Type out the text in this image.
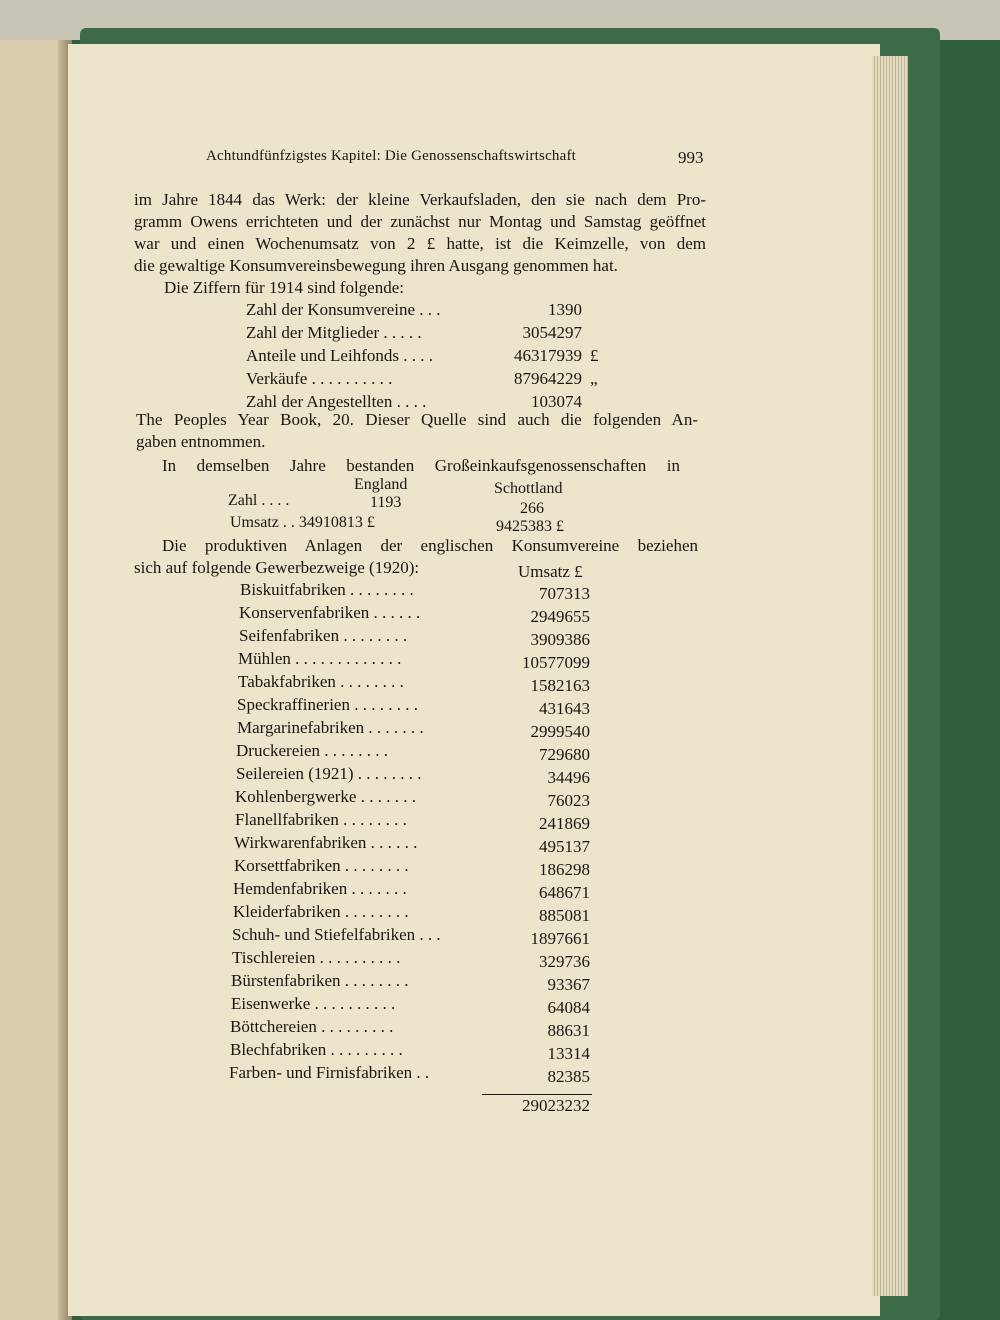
Achtundfünfzigstes Kapitel: Die Genossenschaftswirtschaft	993
im Jahre 1844 das Werk: der kleine Verkaufsladen, den sie nach dem Pro-
gramm Owens errichteten und der zunächst nur Montag und Samstag geöffnet
war und einen Wochenumsatz von 2 £ hatte, ist die Keimzelle, von dem
die gewaltige Konsumvereinsbewegung ihren Ausgang genommen hat.
Die Ziffern für 1914 sind folgende:
Zahl der Konsumvereine . . .	1390
Zahl der Mitglieder . . . . .	3054297
Anteile und Leihfonds . . . .	46317939 £
Verkäufe . . . . . . . . . .	87964229 „
Zahl der Angestellten . . . .	103074
The Peoples Year Book, 20. Dieser Quelle sind auch die folgenden An-
gaben entnommen.
In demselben Jahre bestanden Großeinkaufsgenossenschaften in
England	Schottland
Zahl . . . .	1193	266
Umsatz . . 34910813 £	9425383 £
Die produktiven Anlagen der englischen Konsumvereine beziehen
sich auf folgende Gewerbezweige (1920):	Umsatz £
Biskuitfabriken . . . . . . . .	707313
Konservenfabriken . . . . . .	2949655
Seifenfabriken . . . . . . . .	3909386
Mühlen . . . . . . . . . . . . .	10577099
Tabakfabriken . . . . . . . .	1582163
Speckraffinerien . . . . . . . .	431643
Margarinefabriken . . . . . . .	2999540
Druckereien . . . . . . . .	729680
Seilereien (1921) . . . . . . . .	34496
Kohlenbergwerke . . . . . . .	76023
Flanellfabriken . . . . . . . .	241869
Wirkwarenfabriken . . . . . .	495137
Korsettfabriken . . . . . . . .	186298
Hemdenfabriken . . . . . . .	648671
Kleiderfabriken . . . . . . . .	885081
Schuh- und Stiefelfabriken . . .	1897661
Tischlereien . . . . . . . . . .	329736
Bürstenfabriken . . . . . . . .	93367
Eisenwerke . . . . . . . . . .	64084
Böttchereien . . . . . . . . .	88631
Blechfabriken . . . . . . . . .	13314
Farben- und Firnisfabriken . .	82385
29023232
